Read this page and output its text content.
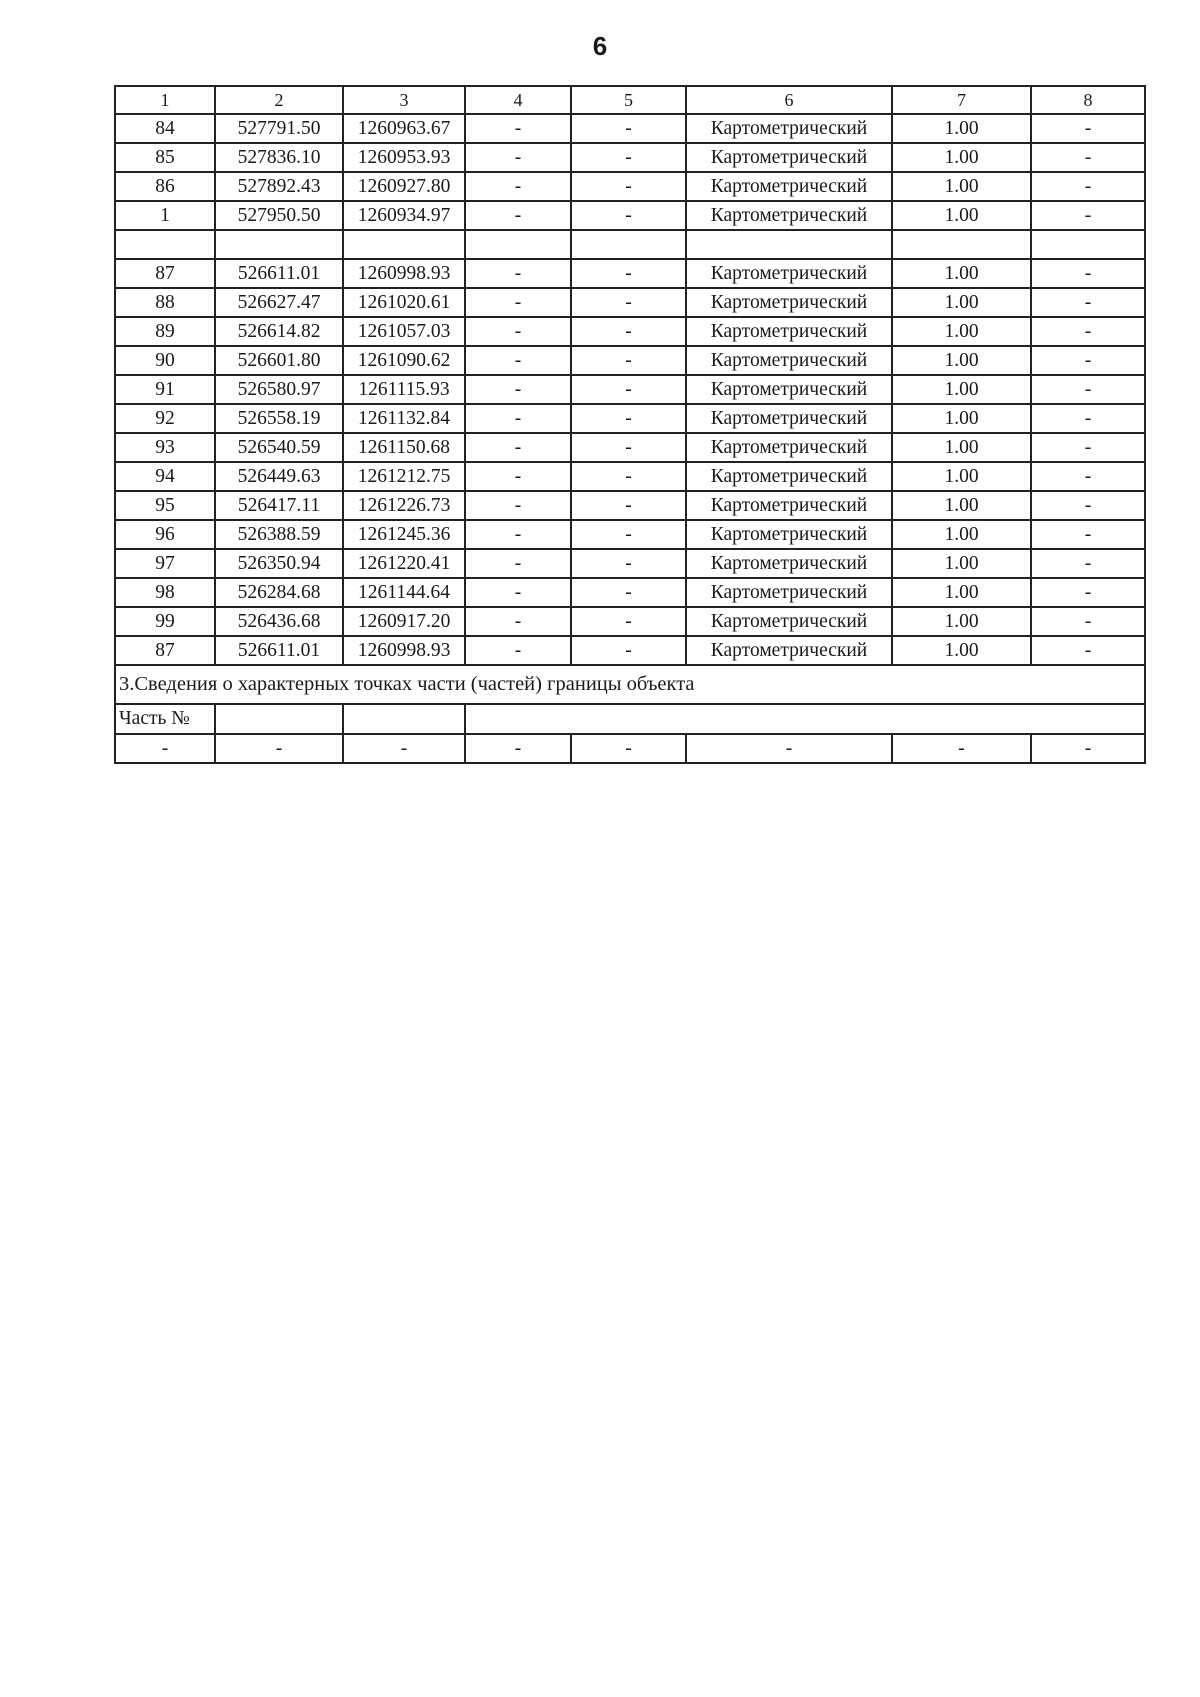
6
1	2	3	4	5	6	7	8
84	527791.50	1260963.67	-	-	Картометрический	1.00	-
85	527836.10	1260953.93	-	-	Картометрический	1.00	-
86	527892.43	1260927.80	-	-	Картометрический	1.00	-
1	527950.50	1260934.97	-	-	Картометрический	1.00	-

87	526611.01	1260998.93	-	-	Картометрический	1.00	-
88	526627.47	1261020.61	-	-	Картометрический	1.00	-
89	526614.82	1261057.03	-	-	Картометрический	1.00	-
90	526601.80	1261090.62	-	-	Картометрический	1.00	-
91	526580.97	1261115.93	-	-	Картометрический	1.00	-
92	526558.19	1261132.84	-	-	Картометрический	1.00	-
93	526540.59	1261150.68	-	-	Картометрический	1.00	-
94	526449.63	1261212.75	-	-	Картометрический	1.00	-
95	526417.11	1261226.73	-	-	Картометрический	1.00	-
96	526388.59	1261245.36	-	-	Картометрический	1.00	-
97	526350.94	1261220.41	-	-	Картометрический	1.00	-
98	526284.68	1261144.64	-	-	Картометрический	1.00	-
99	526436.68	1260917.20	-	-	Картометрический	1.00	-
87	526611.01	1260998.93	-	-	Картометрический	1.00	-
3.Сведения о характерных точках части (частей) границы объекта							
Часть №							
-	-	-	-	-	-	-	-
